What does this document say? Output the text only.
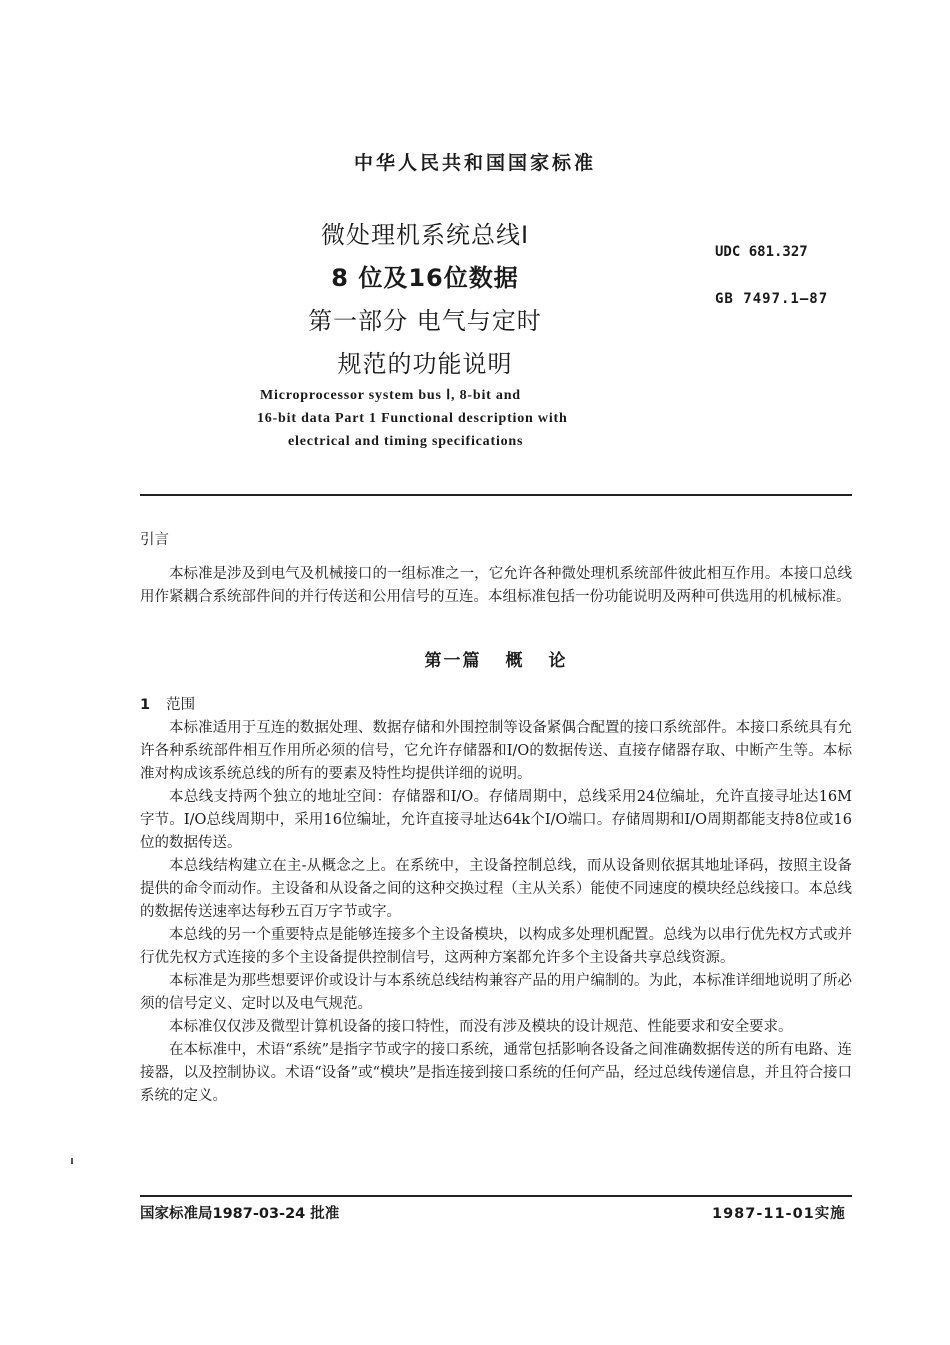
中华人民共和国国家标准
微处理机系统总线Ⅰ
8 位及16位数据
第一部分 电气与定时
规范的功能说明
UDC 681.327
GB 7497.1—87
Microprocessor system bus Ⅰ, 8-bit and
16-bit data Part 1 Functional description with
electrical and timing specifications
引言

本标准是涉及到电气及机械接口的一组标准之一，它允许各种微处理机系统部件彼此相互作用。本接口总线用作紧耦合系统部件间的并行传送和公用信号的互连。本组标准包括一份功能说明及两种可供选用的机械标准。

第一篇 概 论
1 范围

本标准适用于互连的数据处理、数据存储和外围控制等设备紧偶合配置的接口系统部件。本接口系统具有允许各种系统部件相互作用所必须的信号，它允许存储器和I/O的数据传送、直接存储器存取、中断产生等。本标准对构成该系统总线的所有的要素及特性均提供详细的说明。

本总线支持两个独立的地址空间：存储器和I/O。存储周期中，总线采用24位编址，允许直接寻址达16M字节。I/O总线周期中，采用16位编址，允许直接寻址达64k个I/O端口。存储周期和I/O周期都能支持8位或16位的数据传送。

本总线结构建立在主-从概念之上。在系统中，主设备控制总线，而从设备则依据其地址译码，按照主设备提供的命令而动作。主设备和从设备之间的这种交换过程（主从关系）能使不同速度的模块经总线接口。本总线的数据传送速率达每秒五百万字节或字。

本总线的另一个重要特点是能够连接多个主设备模块，以构成多处理机配置。总线为以串行优先权方式或并行优先权方式连接的多个主设备提供控制信号，这两种方案都允许多个主设备共享总线资源。

本标准是为那些想要评价或设计与本系统总线结构兼容产品的用户编制的。为此，本标准详细地说明了所必须的信号定义、定时以及电气规范。

本标准仅仅涉及微型计算机设备的接口特性，而没有涉及模块的设计规范、性能要求和安全要求。

在本标准中，术语“系统”是指字节或字的接口系统，通常包括影响各设备之间准确数据传送的所有电路、连接器，以及控制协议。术语“设备”或“模块”是指连接到接口系统的任何产品，经过总线传递信息，并且符合接口系统的定义。

国家标准局1987-03-24 批准	1987-11-01实施
